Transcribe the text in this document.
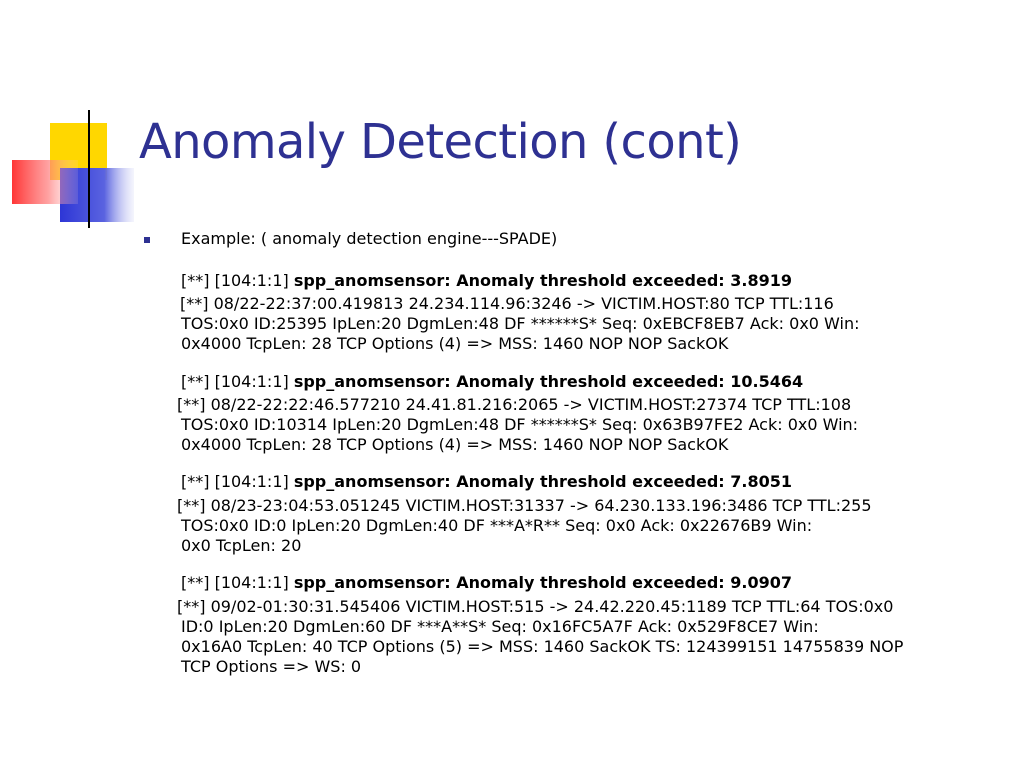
Anomaly Detection (cont)
Example: ( anomaly detection engine---SPADE)
[**] [104:1:1] spp_anomsensor: Anomaly threshold exceeded: 3.8919
[**] 08/22-22:37:00.419813 24.234.114.96:3246 -> VICTIM.HOST:80 TCP TTL:116
TOS:0x0 ID:25395 IpLen:20 DgmLen:48 DF ******S* Seq: 0xEBCF8EB7 Ack: 0x0 Win:
0x4000 TcpLen: 28 TCP Options (4) => MSS: 1460 NOP NOP SackOK
[**] [104:1:1] spp_anomsensor: Anomaly threshold exceeded: 10.5464
[**] 08/22-22:22:46.577210 24.41.81.216:2065 -> VICTIM.HOST:27374 TCP TTL:108
TOS:0x0 ID:10314 IpLen:20 DgmLen:48 DF ******S* Seq: 0x63B97FE2 Ack: 0x0 Win:
0x4000 TcpLen: 28 TCP Options (4) => MSS: 1460 NOP NOP SackOK
[**] [104:1:1] spp_anomsensor: Anomaly threshold exceeded: 7.8051
[**] 08/23-23:04:53.051245 VICTIM.HOST:31337 -> 64.230.133.196:3486 TCP TTL:255
TOS:0x0 ID:0 IpLen:20 DgmLen:40 DF ***A*R** Seq: 0x0 Ack: 0x22676B9 Win:
0x0 TcpLen: 20
[**] [104:1:1] spp_anomsensor: Anomaly threshold exceeded: 9.0907
[**] 09/02-01:30:31.545406 VICTIM.HOST:515 -> 24.42.220.45:1189 TCP TTL:64 TOS:0x0
ID:0 IpLen:20 DgmLen:60 DF ***A**S* Seq: 0x16FC5A7F Ack: 0x529F8CE7 Win:
0x16A0 TcpLen: 40 TCP Options (5) => MSS: 1460 SackOK TS: 124399151 14755839 NOP
TCP Options => WS: 0
